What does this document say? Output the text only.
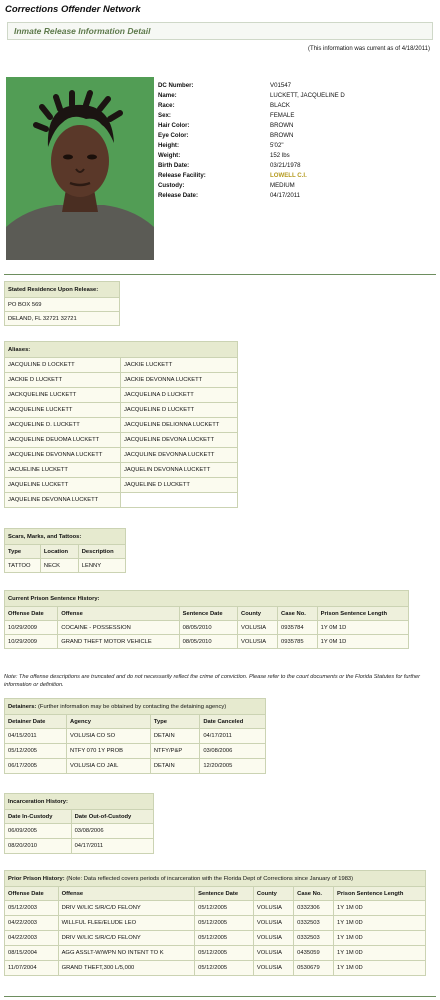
Corrections Offender Network
Inmate Release Information Detail
(This information was current as of 4/18/2011)
DC Number:	V01547
Name:	LUCKETT, JACQUELINE D
Race:	BLACK
Sex:	FEMALE
Hair Color:	BROWN
Eye Color:	BROWN
Height:	5'02"
Weight:	152 lbs
Birth Date:	03/21/1978
Release Facility:	LOWELL C.I.
Custody:	MEDIUM
Release Date:	04/17/2011
Stated Residence Upon Release:
PO BOX 569
DELAND, FL 32721 32721
Aliases:	
JACQULINE D LOCKETT	JACKIE LUCKETT
JACKIE D LUCKETT	JACKIE DEVONNA LUCKETT
JACKQUELINE LUCKETT	JACQUELINA D LUCKETT
JACQUELINE LUCKETT	JACQUELINE D LUCKETT
JACQUELINE D. LUCKETT	JACQUELINE DELIONNA LUCKETT
JACQUELINE DEUOMA LUCKETT	JACQUELINE DEVONA LUCKETT
JACQUELINE DEVONNA LUCKETT	JACQULINE DEVONNA LUCKETT
JACUELINE LUCKETT	JAQUELIN DEVONNA LUCKETT
JAQUELINE LUCKETT	JAQUELINE D LUCKETT
JAQUELINE DEVONNA LUCKETT	
Scars, Marks, and Tattoos:		
Type	Location	Description
TATTOO	NECK	LENNY
Current Prison Sentence History:					
Offense Date	Offense	Sentence Date	County	Case No.	Prison Sentence Length
10/29/2009	COCAINE - POSSESSION	08/05/2010	VOLUSIA	0935784	1Y 0M 1D
10/29/2009	GRAND THEFT MOTOR VEHICLE	08/05/2010	VOLUSIA	0935785	1Y 0M 1D
Note: The offense descriptions are truncated and do not necessarily reflect the crime of conviction. Please refer to the court documents or the Florida Statutes for further information or definition.
Detainers: (Further information may be obtained by contacting the detaining agency)			
Detainer Date	Agency	Type	Date Canceled
04/15/2011	VOLUSIA CO SO	DETAIN	04/17/2011
05/12/2005	NTFY 070 1Y PROB	NTFY/P&P	03/08/2006
06/17/2005	VOLUSIA CO JAIL	DETAIN	12/20/2005
Incarceration History:	
Date In-Custody	Date Out-of-Custody
06/09/2005	03/08/2006
08/20/2010	04/17/2011
Prior Prison History: (Note: Data reflected covers periods of incarceration with the Florida Dept of Corrections since January of 1983)					
Offense Date	Offense	Sentence Date	County	Case No.	Prison Sentence Length
05/12/2003	DRIV W/LIC S/R/C/D FELONY	05/12/2005	VOLUSIA	0332306	1Y 1M 0D
04/22/2003	WILLFUL FLEE/ELUDE LEO	05/12/2005	VOLUSIA	0332503	1Y 1M 0D
04/22/2003	DRIV W/LIC S/R/C/D FELONY	05/12/2005	VOLUSIA	0332503	1Y 1M 0D
08/15/2004	AGG ASSLT-W/WPN NO INTENT TO K	05/12/2005	VOLUSIA	0435059	1Y 1M 0D
11/07/2004	GRAND THEFT,300 L/5,000	05/12/2005	VOLUSIA	0530679	1Y 1M 0D
